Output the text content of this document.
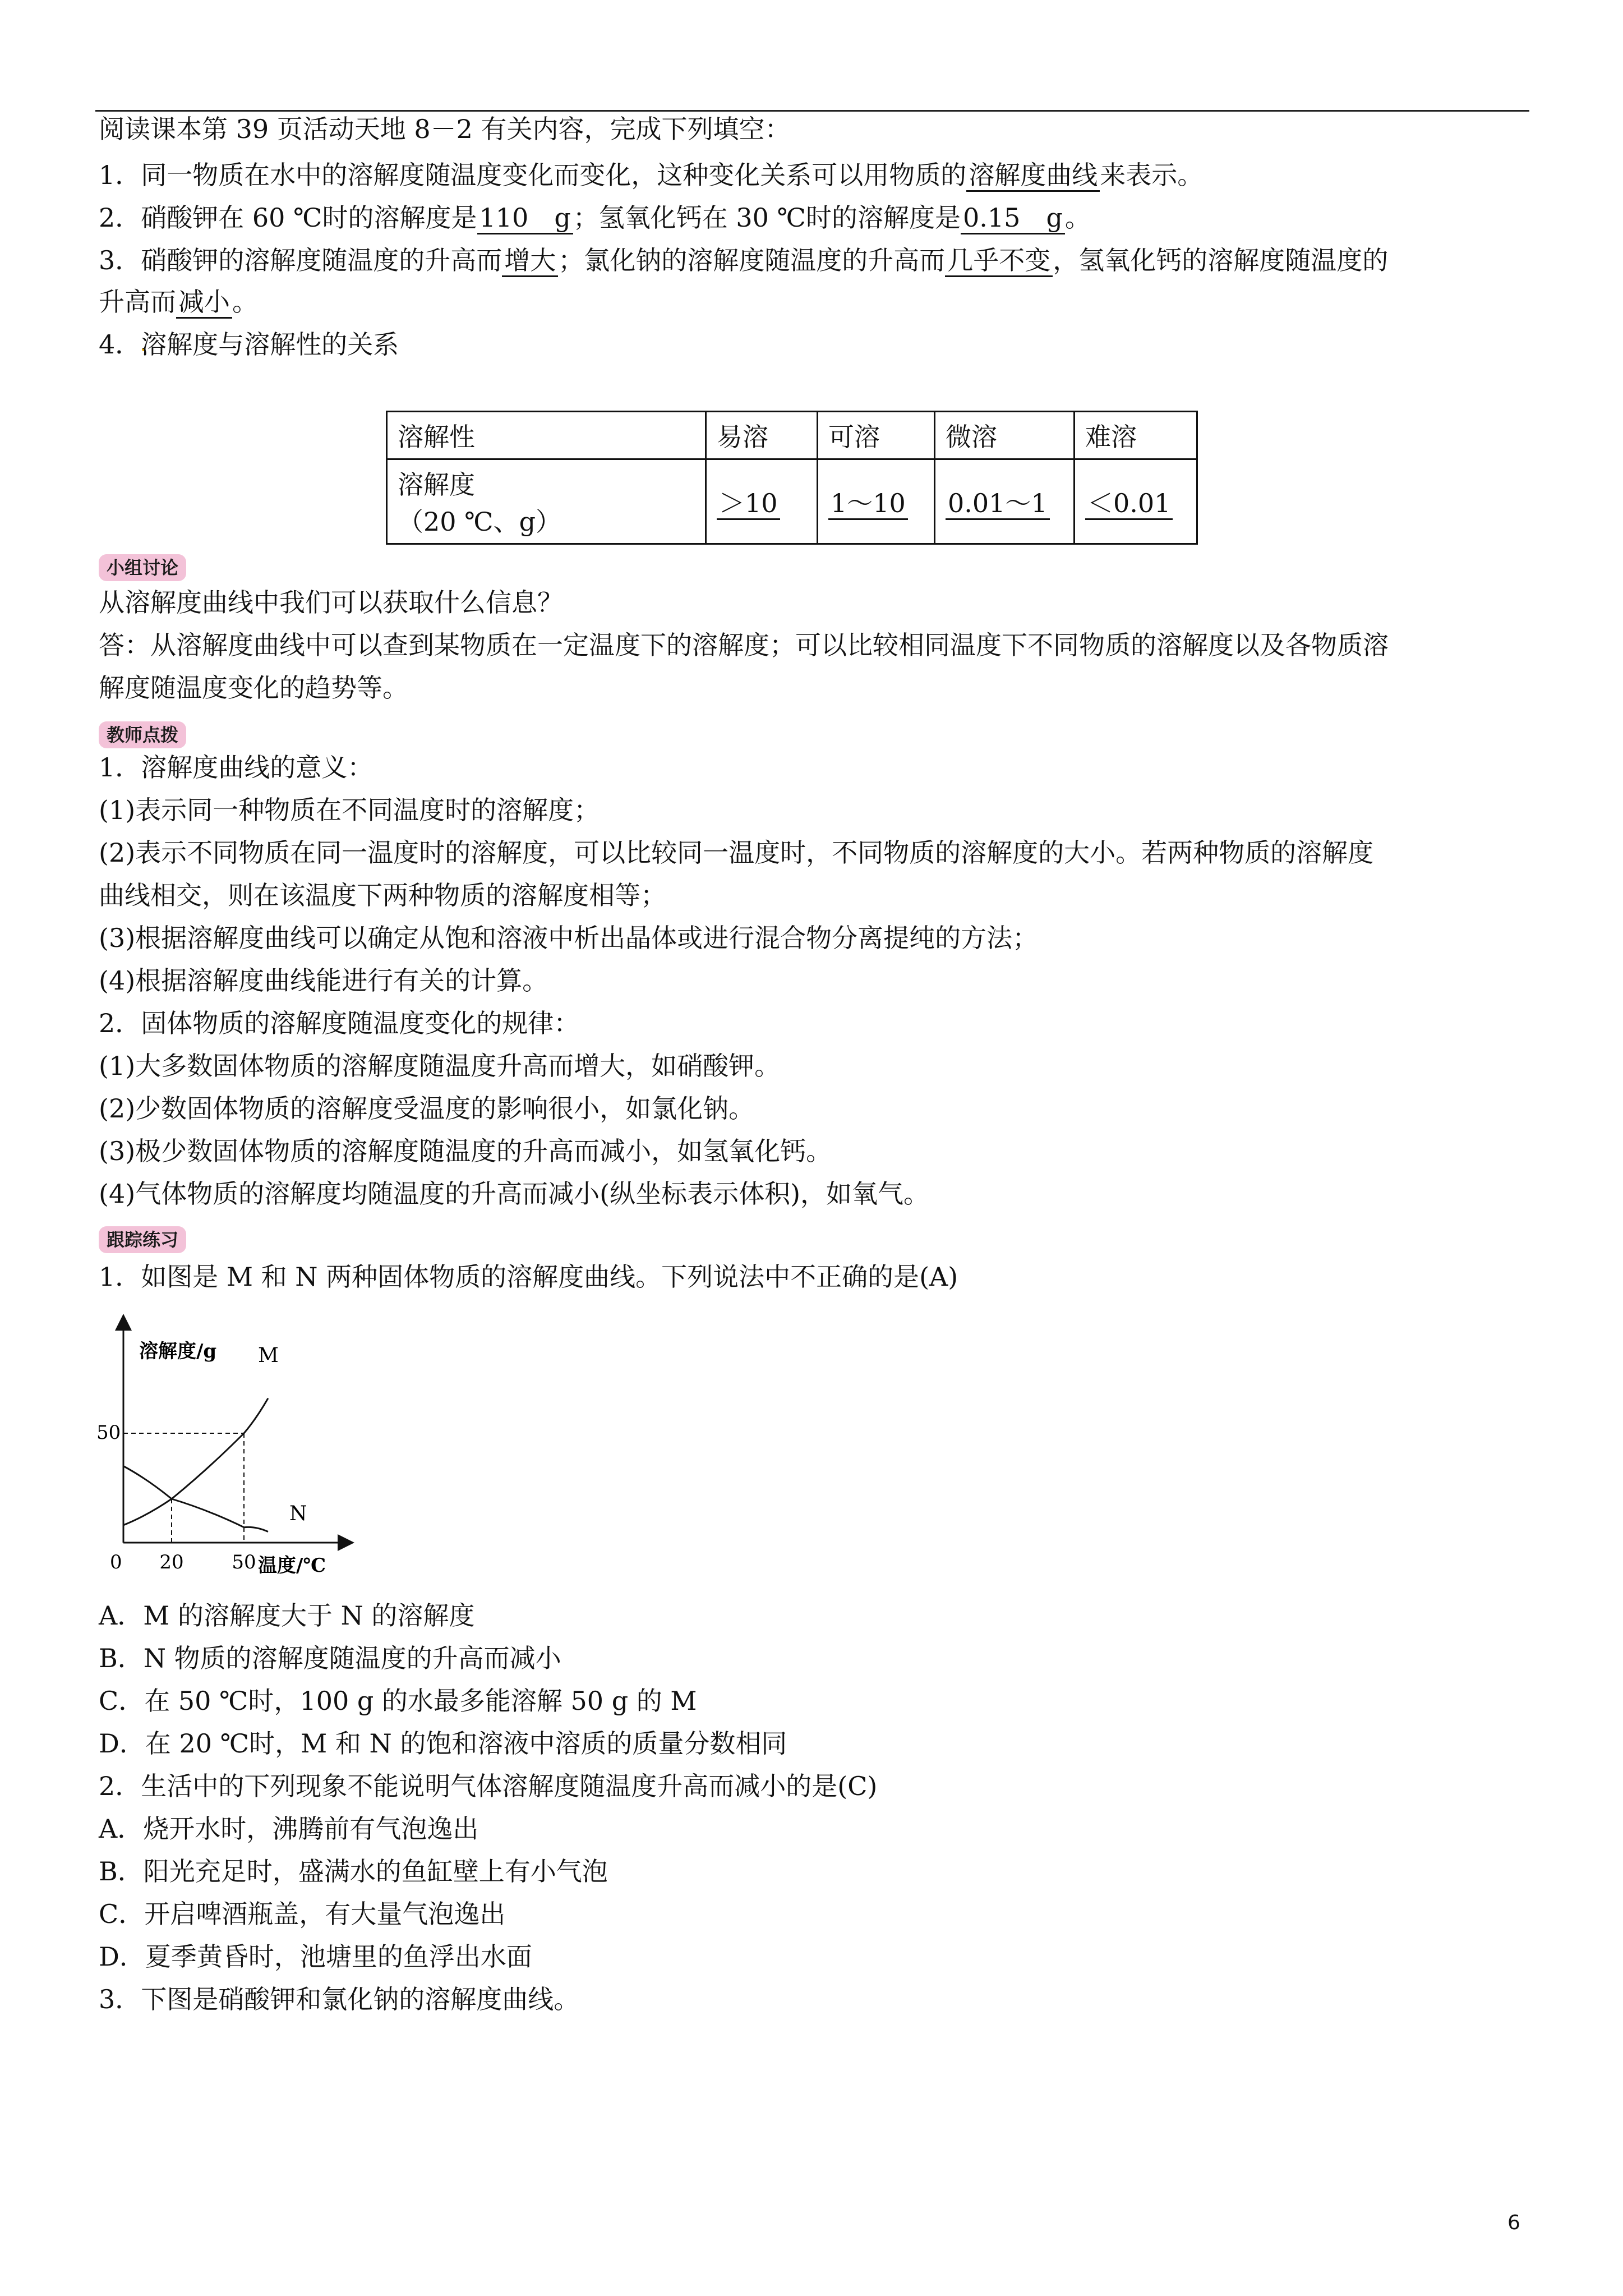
阅读课本第 39 页活动天地 8－2 有关内容，完成下列填空：
1．同一物质在水中的溶解度随温度变化而变化，这种变化关系可以用物质的溶解度曲线来表示。
2．硝酸钾在 60 ℃时的溶解度是110　g；氢氧化钙在 30 ℃时的溶解度是0.15　g。
3．硝酸钾的溶解度随温度的升高而增大；氯化钠的溶解度随温度的升高而几乎不变，氢氧化钙的溶解度随温度的
升高而减小。
4．溶解度与溶解性的关系
溶解性	易溶	可溶	微溶	难溶

溶解度
（20 ℃、g）	＞10	1～10	0.01～1	＜0.01
小组讨论
从溶解度曲线中我们可以获取什么信息？
答：从溶解度曲线中可以查到某物质在一定温度下的溶解度；可以比较相同温度下不同物质的溶解度以及各物质溶
解度随温度变化的趋势等。
教师点拨
1．溶解度曲线的意义：
(1)表示同一种物质在不同温度时的溶解度；
(2)表示不同物质在同一温度时的溶解度，可以比较同一温度时，不同物质的溶解度的大小。若两种物质的溶解度
曲线相交，则在该温度下两种物质的溶解度相等；
(3)根据溶解度曲线可以确定从饱和溶液中析出晶体或进行混合物分离提纯的方法；
(4)根据溶解度曲线能进行有关的计算。
2．固体物质的溶解度随温度变化的规律：
(1)大多数固体物质的溶解度随温度升高而增大，如硝酸钾。
(2)少数固体物质的溶解度受温度的影响很小，如氯化钠。
(3)极少数固体物质的溶解度随温度的升高而减小，如氢氧化钙。
(4)气体物质的溶解度均随温度的升高而减小(纵坐标表示体积)，如氧气。
跟踪练习
1．如图是 M 和 N 两种固体物质的溶解度曲线。下列说法中不正确的是(A)
溶解度/g
温度/℃
0 20	50
50
M
N
A．M 的溶解度大于 N 的溶解度
B．N 物质的溶解度随温度的升高而减小
C．在 50 ℃时，100 g 的水最多能溶解 50 g 的 M
D．在 20 ℃时，M 和 N 的饱和溶液中溶质的质量分数相同
2．生活中的下列现象不能说明气体溶解度随温度升高而减小的是(C)
A．烧开水时，沸腾前有气泡逸出
B．阳光充足时，盛满水的鱼缸壁上有小气泡
C．开启啤酒瓶盖，有大量气泡逸出
D．夏季黄昏时，池塘里的鱼浮出水面
3．下图是硝酸钾和氯化钠的溶解度曲线。
6
